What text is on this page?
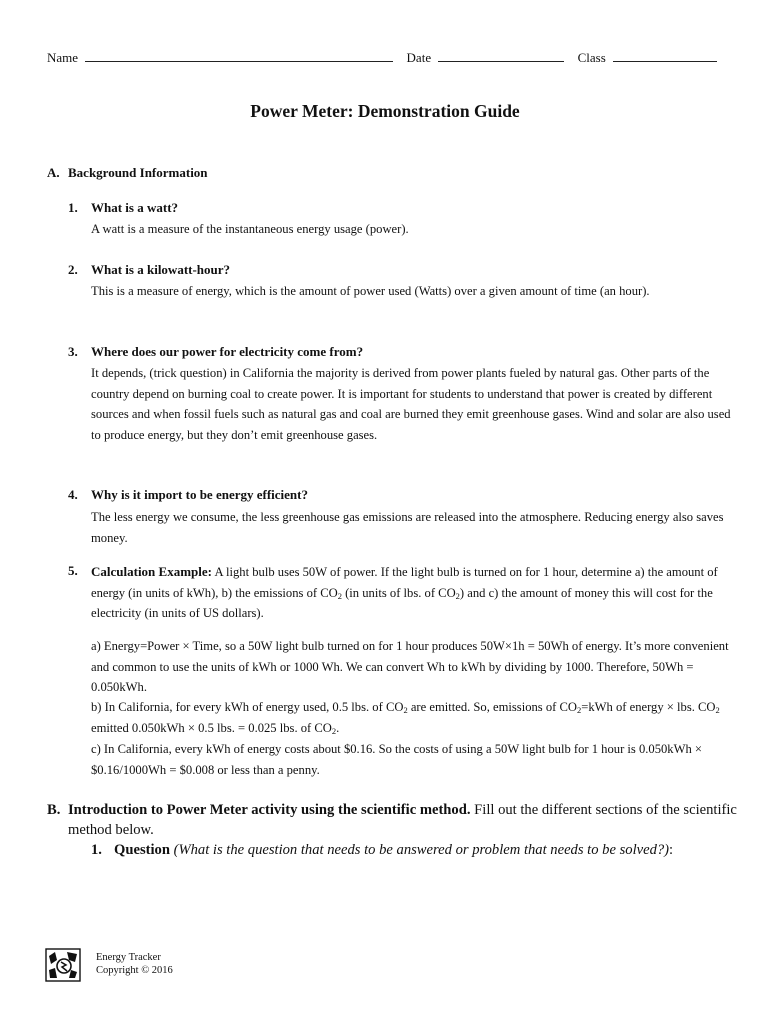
Name	Date	Class
Power Meter: Demonstration Guide
A. Background Information
1. What is a watt?
A watt is a measure of the instantaneous energy usage (power).
2. What is a kilowatt-hour?
This is a measure of energy, which is the amount of power used (Watts) over a given amount of time (an hour).
3. Where does our power for electricity come from?
It depends, (trick question) in California the majority is derived from power plants fueled by natural gas. Other parts of the country depend on burning coal to create power. It is important for students to understand that power is created by different sources and when fossil fuels such as natural gas and coal are burned they emit greenhouse gases. Wind and solar are also used to produce energy, but they don’t emit greenhouse gases.
4. Why is it import to be energy efficient?
The less energy we consume, the less greenhouse gas emissions are released into the atmosphere. Reducing energy also saves money.
5. Calculation Example: A light bulb uses 50W of power. If the light bulb is turned on for 1 hour, determine a) the amount of energy (in units of kWh), b) the emissions of $CO_2$ (in units of lbs. of $CO_2$) and c) the amount of money this will cost for the electricity (in units of US dollars).
a) Energy=Power × Time, so a 50W light bulb turned on for 1 hour produces 50W×1h = 50Wh of energy. It’s more convenient and common to use the units of kWh or 1000 Wh. We can convert Wh to kWh by dividing by 1000. Therefore, 50Wh = 0.050kWh.
b) In California, for every kWh of energy used, 0.5 lbs. of $CO_2$ are emitted. So, emissions of $CO_2=kWh$ of energy × lbs. $CO_2$ emitted 0.050kWh × 0.5 lbs. = 0.025 lbs. of $CO_2$.
c) In California, every kWh of energy costs about $0.16. So the costs of using a 50W light bulb for 1 hour is 0.050kWh × $0.16/1000Wh = $0.008 or less than a penny.
B. Introduction to Power Meter activity using the scientific method. Fill out the different sections of the scientific method below.
1. Question (What is the question that needs to be answered or problem that needs to be solved?):
Energy Tracker
Copyright © 2016
